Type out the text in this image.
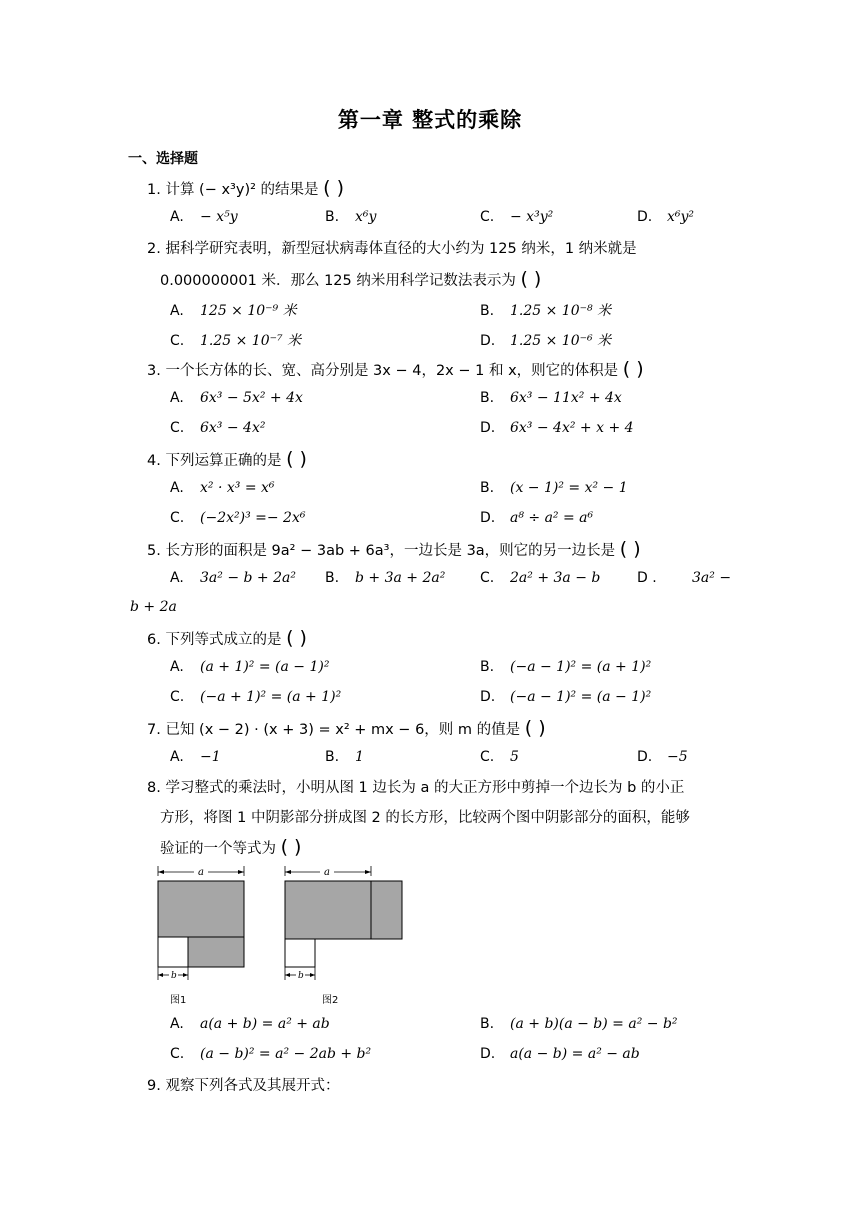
第一章 整式的乘除
一、选择题
1. 计算 (− x³y)² 的结果是 ( )
A. − x⁵y	B. x⁶y	C. − x³y²	D. x⁶y²
2. 据科学研究表明，新型冠状病毒体直径的大小约为 125 纳米，1 纳米就是
0.000000001 米．那么 125 纳米用科学记数法表示为 ( )
A. 125 × 10⁻⁹ 米	B. 1.25 × 10⁻⁸ 米
C. 1.25 × 10⁻⁷ 米	D. 1.25 × 10⁻⁶ 米
3. 一个长方体的长、宽、高分别是 3x − 4，2x − 1 和 x，则它的体积是 ( )
A. 6x³ − 5x² + 4x	B. 6x³ − 11x² + 4x
C. 6x³ − 4x²	D. 6x³ − 4x² + x + 4
4. 下列运算正确的是 ( )
A. x² · x³ = x⁶	B. (x − 1)² = x² − 1
C. (−2x²)³ =− 2x⁶	D. a⁸ ÷ a² = a⁶
5. 长方形的面积是 9a² − 3ab + 6a³，一边长是 3a，则它的另一边长是 ( )
A. 3a² − b + 2a² B. b + 3a + 2a² C. 2a² + 3a − b	D .	3a² −
b + 2a
6. 下列等式成立的是 ( )
A. (a + 1)² = (a − 1)²	B. (−a − 1)² = (a + 1)²
C. (−a + 1)² = (a + 1)²	D. (−a − 1)² = (a − 1)²
7. 已知 (x − 2) · (x + 3) = x² + mx − 6，则 m 的值是 ( )
A. −1	B. 1	C. 5	D. −5
8. 学习整式的乘法时，小明从图 1 边长为 a 的大正方形中剪掉一个边长为 b 的小正
方形，将图 1 中阴影部分拼成图 2 的长方形，比较两个图中阴影部分的面积，能够
验证的一个等式为 ( )
a
b
a
b
图1	图2
A. a(a + b) = a² + ab	B. (a + b)(a − b) = a² − b²
C. (a − b)² = a² − 2ab + b²	D. a(a − b) = a² − ab
9. 观察下列各式及其展开式：
